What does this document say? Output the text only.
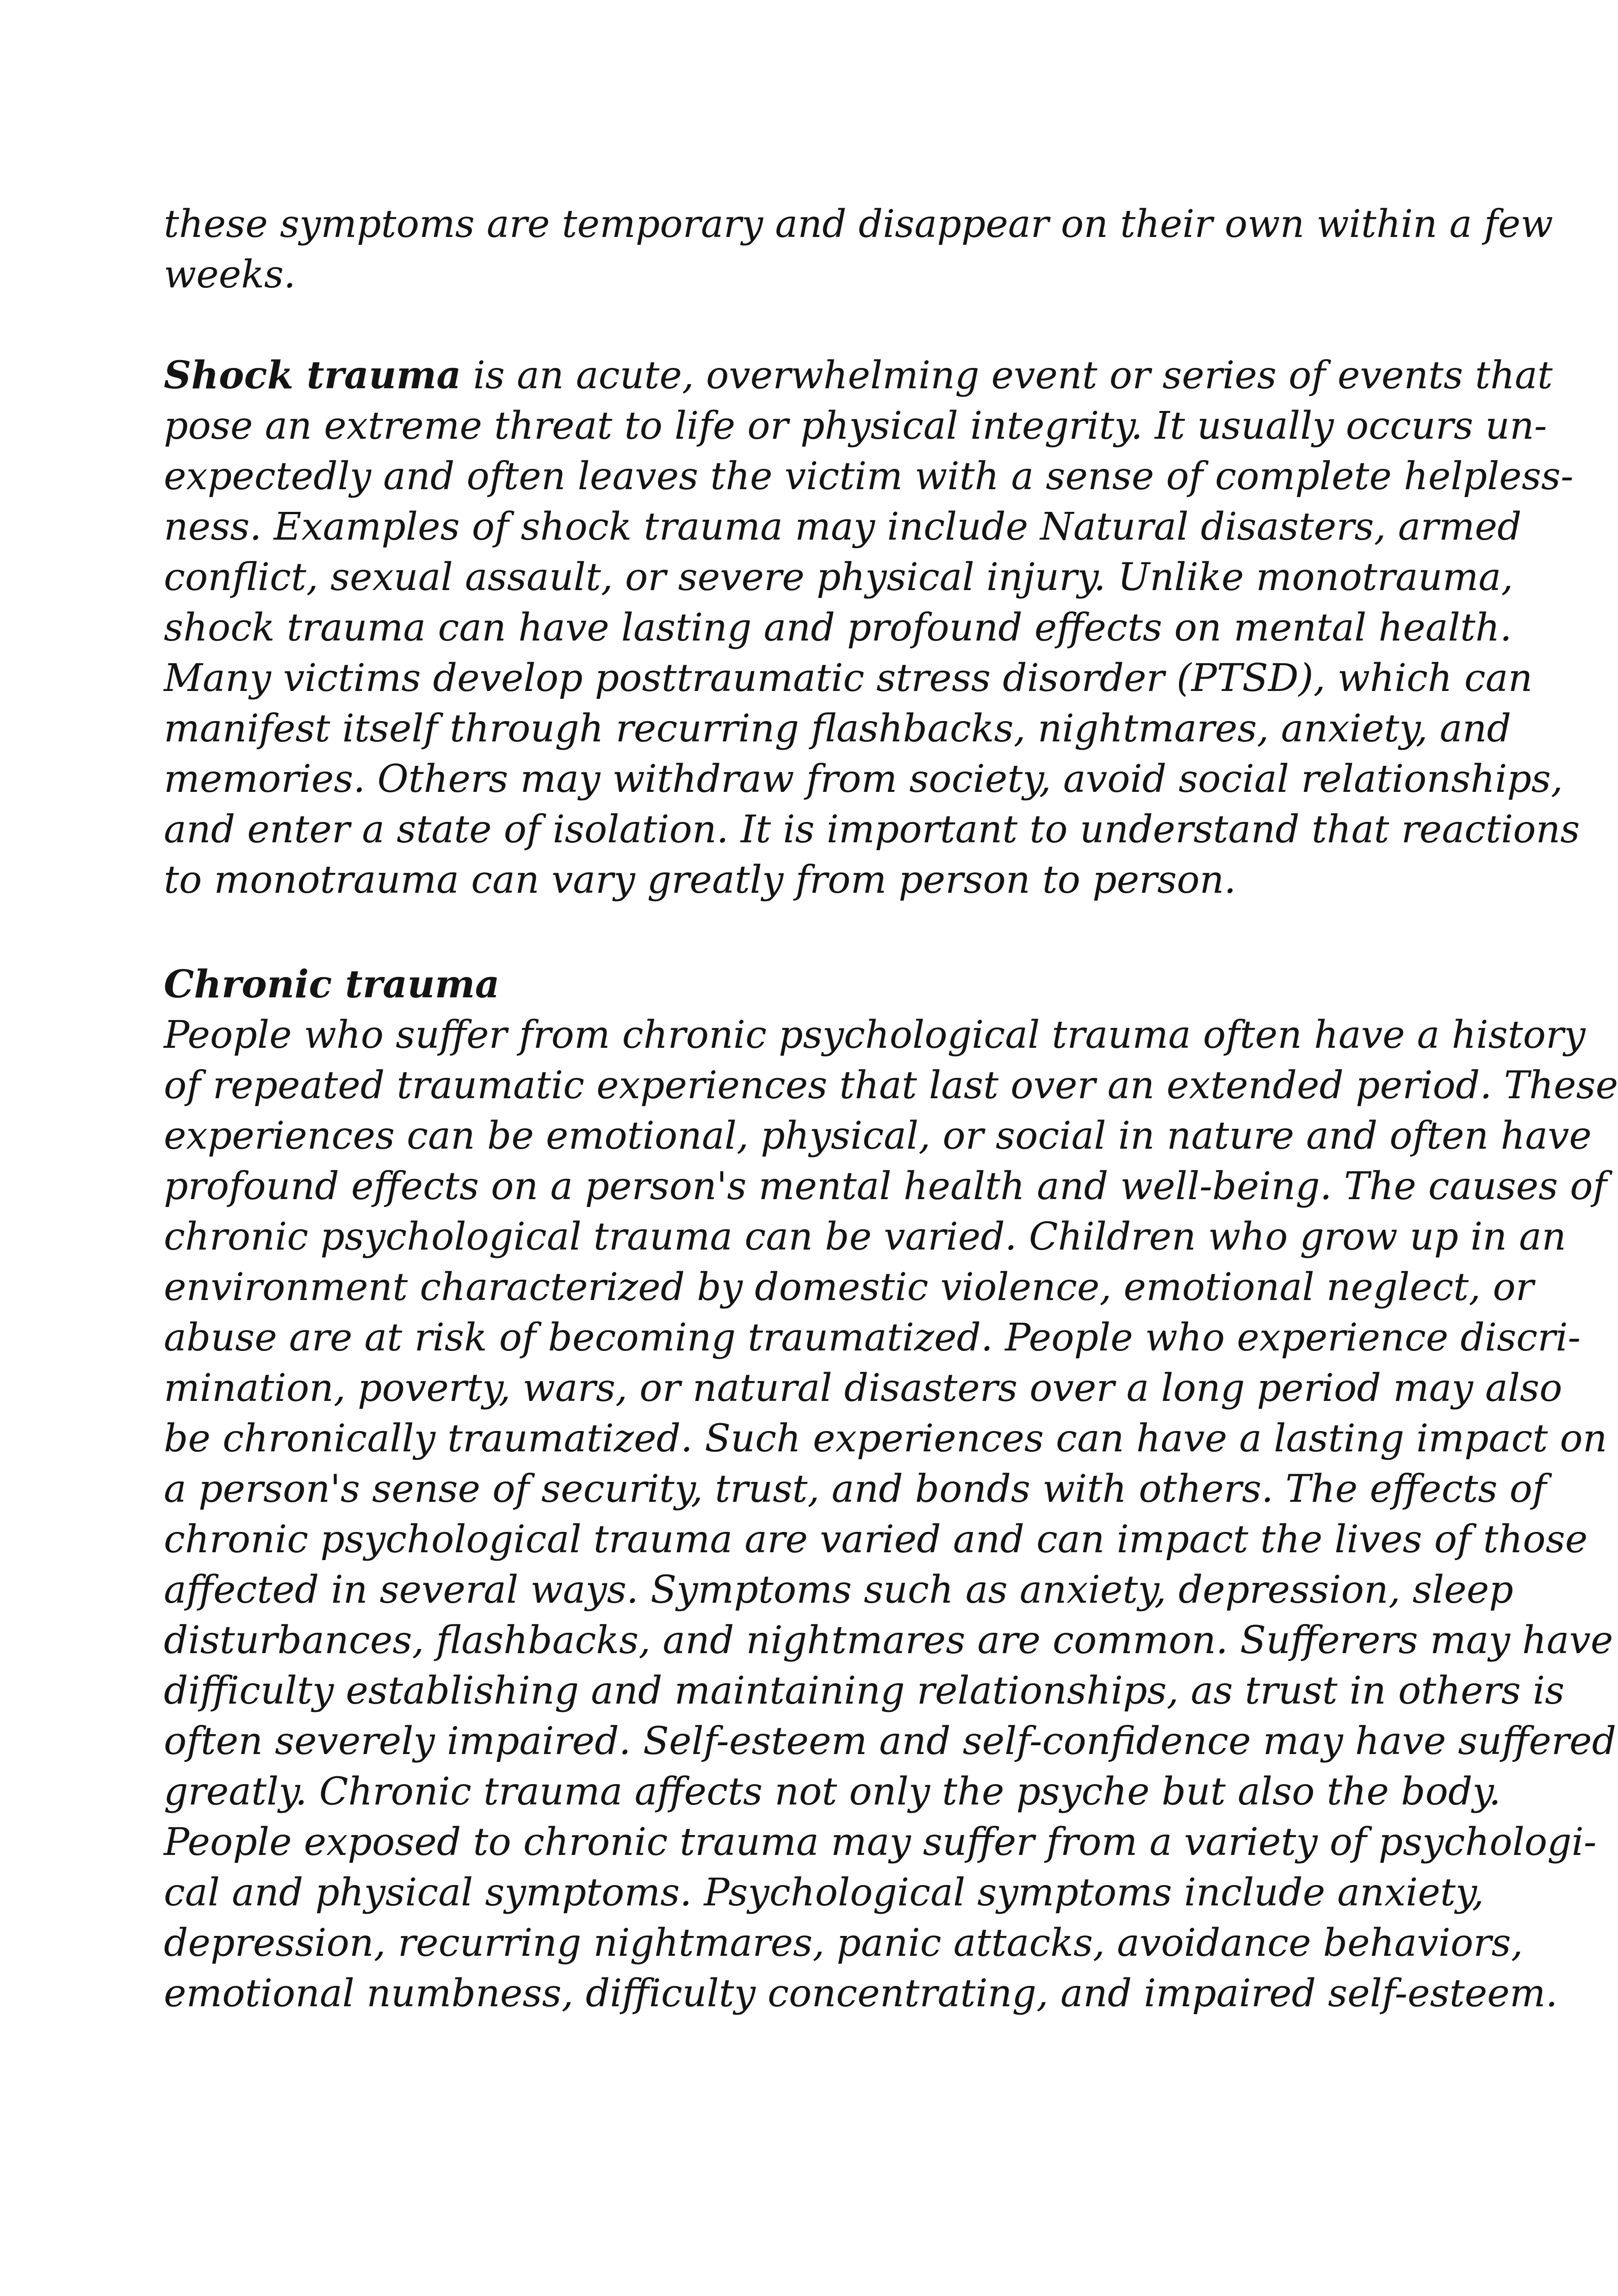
these symptoms are temporary and disappear on their own within a few
weeks.
Shock trauma is an acute, overwhelming event or series of events that
pose an extreme threat to life or physical integrity. It usually occurs un-
expectedly and often leaves the victim with a sense of complete helpless-
ness. Examples of shock trauma may include Natural disasters, armed
conflict, sexual assault, or severe physical injury. Unlike monotrauma,
shock trauma can have lasting and profound effects on mental health.
Many victims develop posttraumatic stress disorder (PTSD), which can
manifest itself through recurring flashbacks, nightmares, anxiety, and
memories. Others may withdraw from society, avoid social relationships,
and enter a state of isolation. It is important to understand that reactions
to monotrauma can vary greatly from person to person.
Chronic trauma
People who suffer from chronic psychological trauma often have a history
of repeated traumatic experiences that last over an extended period. These
experiences can be emotional, physical, or social in nature and often have
profound effects on a person's mental health and well-being. The causes of
chronic psychological trauma can be varied. Children who grow up in an
environment characterized by domestic violence, emotional neglect, or
abuse are at risk of becoming traumatized. People who experience discri-
mination, poverty, wars, or natural disasters over a long period may also
be chronically traumatized. Such experiences can have a lasting impact on
a person's sense of security, trust, and bonds with others. The effects of
chronic psychological trauma are varied and can impact the lives of those
affected in several ways. Symptoms such as anxiety, depression, sleep
disturbances, flashbacks, and nightmares are common. Sufferers may have
difficulty establishing and maintaining relationships, as trust in others is
often severely impaired. Self-esteem and self-confidence may have suffered
greatly. Chronic trauma affects not only the psyche but also the body.
People exposed to chronic trauma may suffer from a variety of psychologi-
cal and physical symptoms. Psychological symptoms include anxiety,
depression, recurring nightmares, panic attacks, avoidance behaviors,
emotional numbness, difficulty concentrating, and impaired self-esteem.
